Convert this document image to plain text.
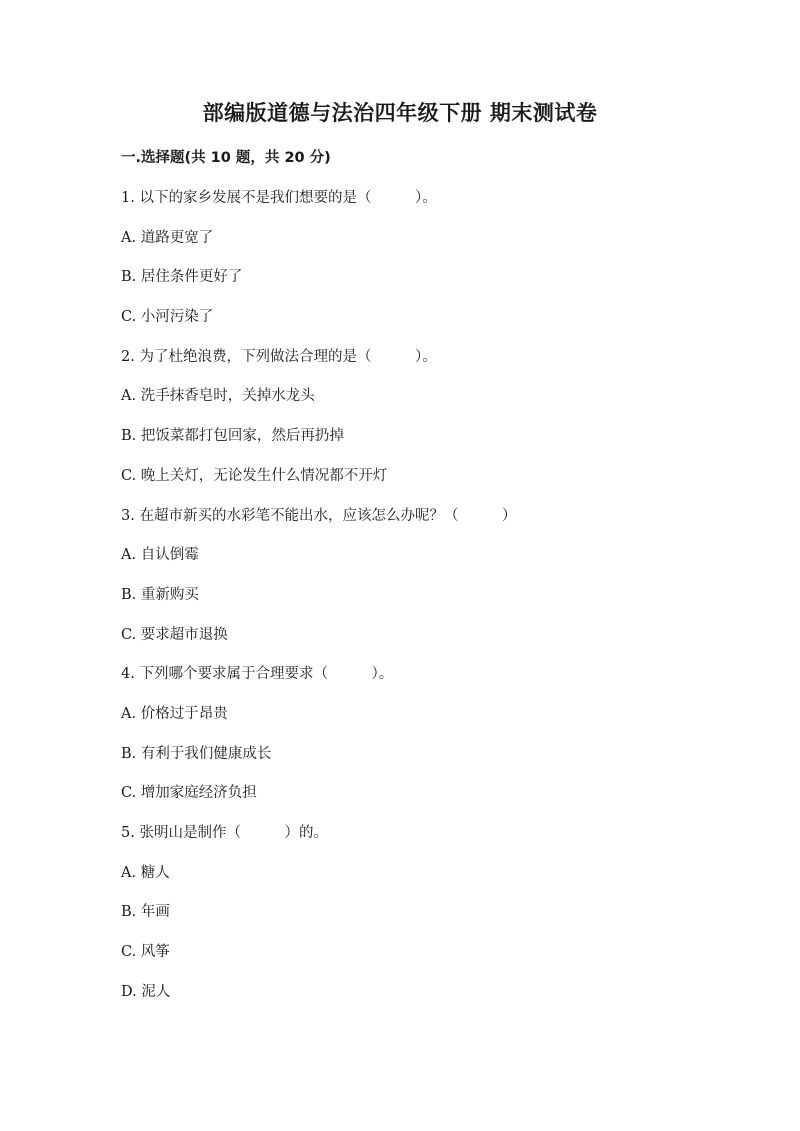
部编版道德与法治四年级下册 期末测试卷
一.选择题(共 10 题，共 20 分)
1. 以下的家乡发展不是我们想要的是（　　　）。
A. 道路更宽了
B. 居住条件更好了
C. 小河污染了
2. 为了杜绝浪费，下列做法合理的是（　　　）。
A. 洗手抹香皂时，关掉水龙头
B. 把饭菜都打包回家，然后再扔掉
C. 晚上关灯，无论发生什么情况都不开灯
3. 在超市新买的水彩笔不能出水，应该怎么办呢？（　　　）
A. 自认倒霉
B. 重新购买
C. 要求超市退换
4. 下列哪个要求属于合理要求（　　　）。
A. 价格过于昂贵
B. 有利于我们健康成长
C. 增加家庭经济负担
5. 张明山是制作（　　　）的。
A. 糖人
B. 年画
C. 风筝
D. 泥人
